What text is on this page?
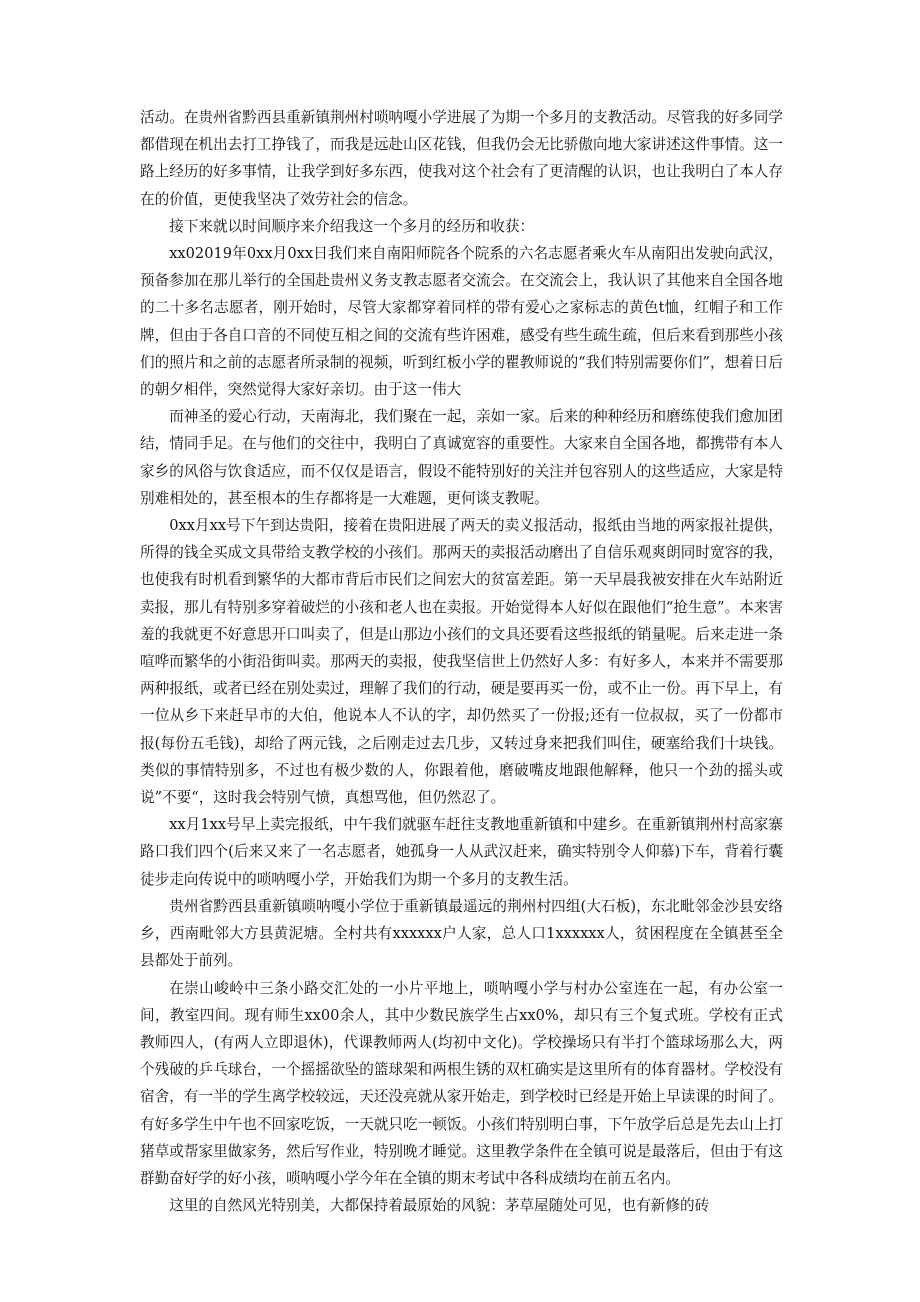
活动。在贵州省黔西县重新镇荆州村唢呐嘎小学进展了为期一个多月的支教活动。尽管我的好多同学都借现在机出去打工挣钱了，而我是远赴山区花钱，但我仍会无比骄傲向地大家讲述这件事情。这一路上经历的好多事情，让我学到好多东西，使我对这个社会有了更清醒的认识，也让我明白了本人存在的价值，更使我坚决了效劳社会的信念。

接下来就以时间顺序来介绍我这一个多月的经历和收获：

xx02019年0xx月0xx日我们来自南阳师院各个院系的六名志愿者乘火车从南阳出发驶向武汉，预备参加在那儿举行的全国赴贵州义务支教志愿者交流会。在交流会上，我认识了其他来自全国各地的二十多名志愿者，刚开始时，尽管大家都穿着同样的带有爱心之家标志的黄色t恤，红帽子和工作牌，但由于各自口音的不同使互相之间的交流有些许困难，感受有些生疏生疏，但后来看到那些小孩们的照片和之前的志愿者所录制的视频，听到红板小学的瞿教师说的“我们特别需要你们”，想着日后的朝夕相伴，突然觉得大家好亲切。由于这一伟大

而神圣的爱心行动，天南海北，我们聚在一起，亲如一家。后来的种种经历和磨练使我们愈加团结，情同手足。在与他们的交往中，我明白了真诚宽容的重要性。大家来自全国各地，都携带有本人家乡的风俗与饮食适应，而不仅仅是语言，假设不能特别好的关注并包容别人的这些适应，大家是特别难相处的，甚至根本的生存都将是一大难题，更何谈支教呢。

0xx月xx号下午到达贵阳，接着在贵阳进展了两天的卖义报活动，报纸由当地的两家报社提供，所得的钱全买成文具带给支教学校的小孩们。那两天的卖报活动磨出了自信乐观爽朗同时宽容的我，也使我有时机看到繁华的大都市背后市民们之间宏大的贫富差距。第一天早晨我被安排在火车站附近卖报，那儿有特别多穿着破烂的小孩和老人也在卖报。开始觉得本人好似在跟他们“抢生意”。本来害羞的我就更不好意思开口叫卖了，但是山那边小孩们的文具还要看这些报纸的销量呢。后来走进一条喧哗而繁华的小街沿街叫卖。那两天的卖报，使我坚信世上仍然好人多：有好多人，本来并不需要那两种报纸，或者已经在别处卖过，理解了我们的行动，硬是要再买一份，或不止一份。再下早上，有一位从乡下来赶早市的大伯，他说本人不认的字，却仍然买了一份报;还有一位叔叔，买了一份都市报(每份五毛钱)，却给了两元钱，之后刚走过去几步，又转过身来把我们叫住，硬塞给我们十块钱。类似的事情特别多，不过也有极少数的人，你跟着他，磨破嘴皮地跟他解释，他只一个劲的摇头或说”不要“，这时我会特别气愤，真想骂他，但仍然忍了。

xx月1xx号早上卖完报纸，中午我们就驱车赶往支教地重新镇和中建乡。在重新镇荆州村高家寨路口我们四个(后来又来了一名志愿者，她孤身一人从武汉赶来，确实特别令人仰慕)下车，背着行囊徒步走向传说中的唢呐嘎小学，开始我们为期一个多月的支教生活。

贵州省黔西县重新镇唢呐嘎小学位于重新镇最遥远的荆州村四组(大石板)，东北毗邻金沙县安络乡，西南毗邻大方县黄泥塘。全村共有xxxxxx户人家，总人口1xxxxxx人，贫困程度在全镇甚至全县都处于前列。

在崇山峻岭中三条小路交汇处的一小片平地上，唢呐嘎小学与村办公室连在一起，有办公室一间，教室四间。现有师生xx00余人，其中少数民族学生占xx0%，却只有三个复式班。学校有正式教师四人，(有两人立即退休)，代课教师两人(均初中文化)。学校操场只有半打个篮球场那么大，两个残破的乒乓球台，一个摇摇欲坠的篮球架和两根生锈的双杠确实是这里所有的体育器材。学校没有宿舍，有一半的学生离学校较远，天还没亮就从家开始走，到学校时已经是开始上早读课的时间了。有好多学生中午也不回家吃饭，一天就只吃一顿饭。小孩们特别明白事，下午放学后总是先去山上打猪草或帮家里做家务，然后写作业，特别晚才睡觉。这里教学条件在全镇可说是最落后，但由于有这群勤奋好学的好小孩，唢呐嘎小学今年在全镇的期末考试中各科成绩均在前五名内。

这里的自然风光特别美，大都保持着最原始的风貌：茅草屋随处可见，也有新修的砖
